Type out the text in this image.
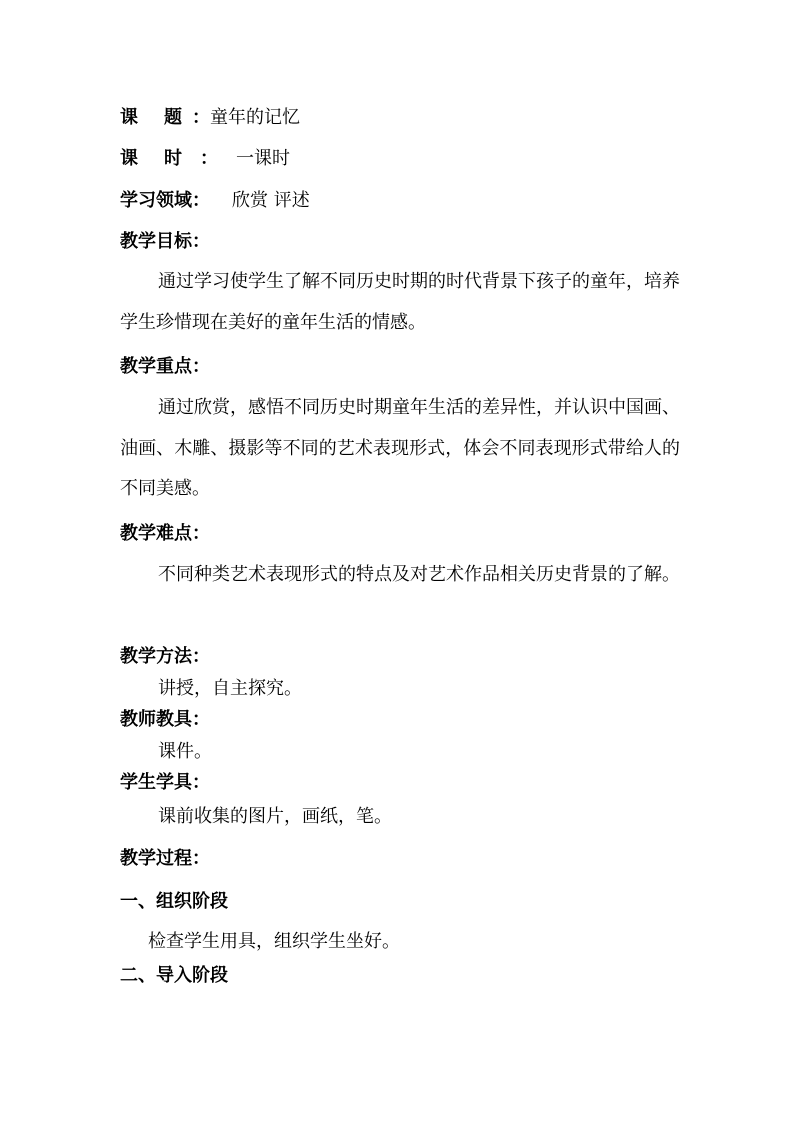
课 题 ：童年的记忆
课 时 ： 一课时
学习领域： 欣赏 评述
教学目标：
通过学习使学生了解不同历史时期的时代背景下孩子的童年，培养学生珍惜现在美好的童年生活的情感。
教学重点：
通过欣赏，感悟不同历史时期童年生活的差异性，并认识中国画、油画、木雕、摄影等不同的艺术表现形式，体会不同表现形式带给人的不同美感。
教学难点：
不同种类艺术表现形式的特点及对艺术作品相关历史背景的了解。
教学方法：
讲授，自主探究。
教师教具：
课件。
学生学具：
课前收集的图片，画纸，笔。
教学过程：
一、组织阶段
检查学生用具，组织学生坐好。
二、导入阶段
